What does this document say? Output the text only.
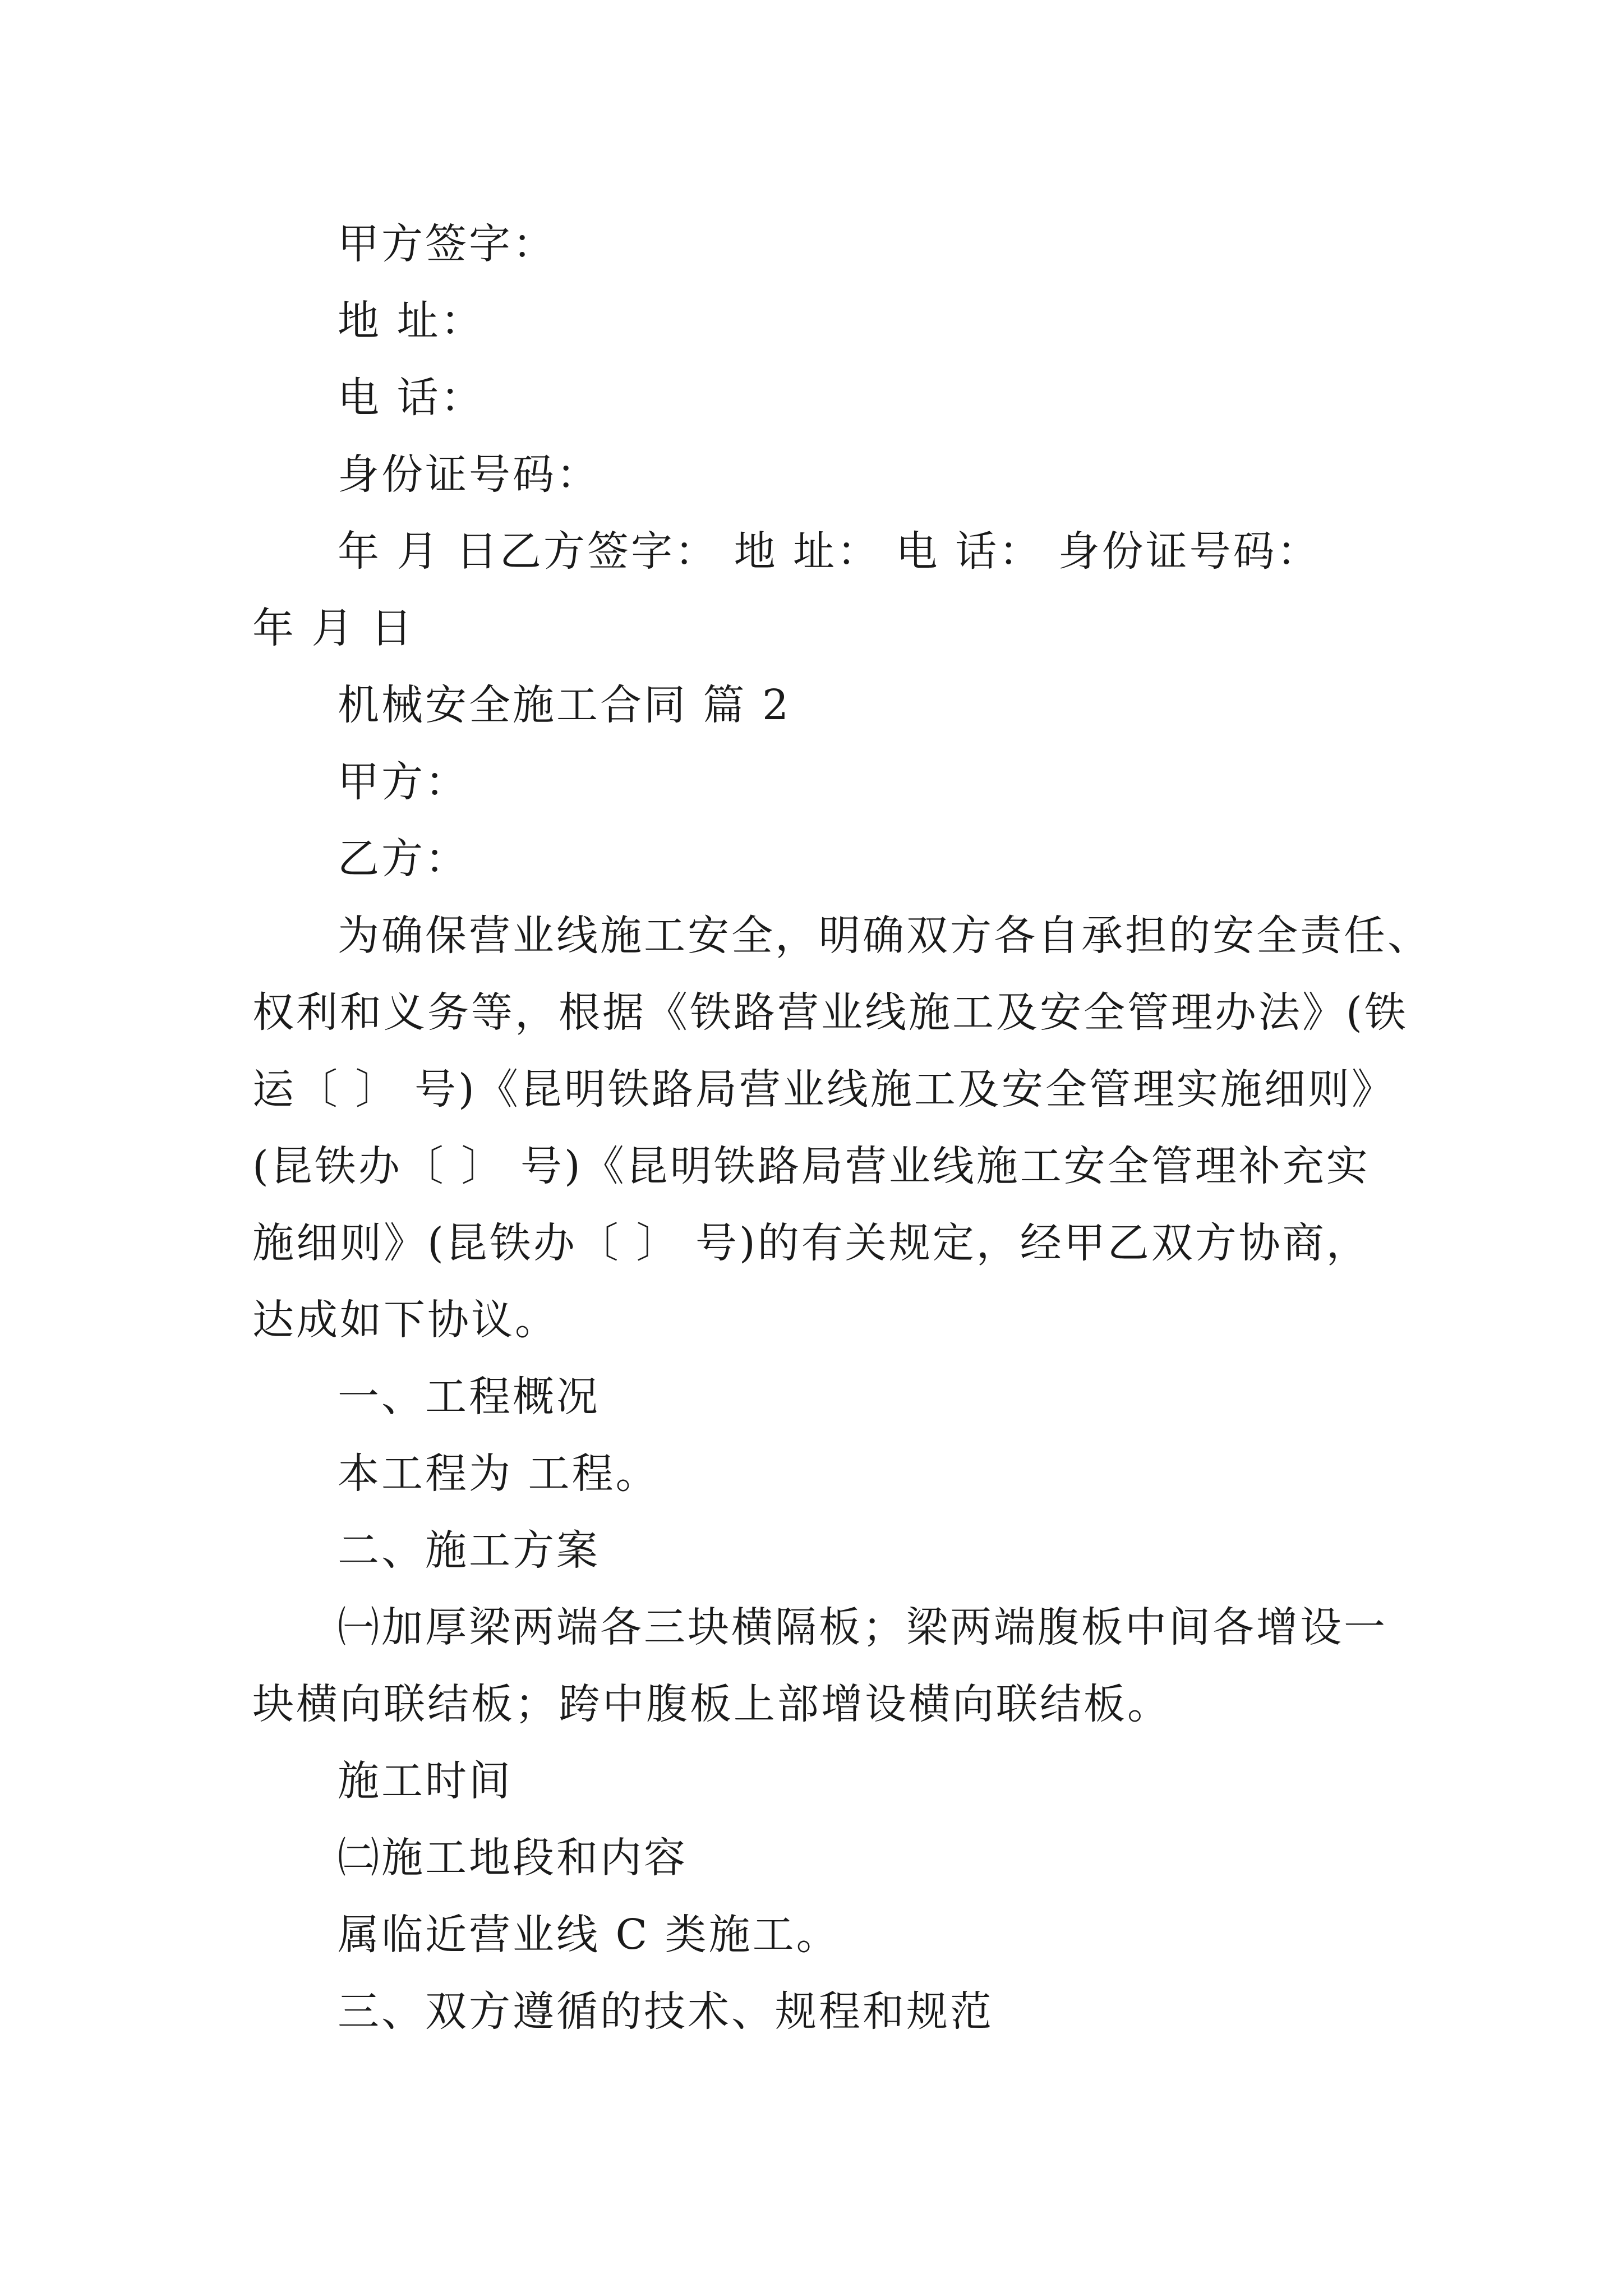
甲方签字：
地 址：
电 话：
身份证号码：
年 月 日乙方签字： 地 址： 电 话： 身份证号码：
年 月 日
机械安全施工合同 篇 2
甲方：
乙方：
为确保营业线施工安全，明确双方各自承担的安全责任、
权利和义务等，根据《铁路营业线施工及安全管理办法》(铁
运〔 〕 号)《昆明铁路局营业线施工及安全管理实施细则》
(昆铁办〔 〕 号)《昆明铁路局营业线施工安全管理补充实
施细则》(昆铁办〔 〕 号)的有关规定，经甲乙双方协商，
达成如下协议。
一、工程概况
本工程为 工程。
二、施工方案
㈠加厚梁两端各三块横隔板；梁两端腹板中间各增设一
块横向联结板；跨中腹板上部增设横向联结板。
施工时间
㈡施工地段和内容
属临近营业线 C 类施工。
三、双方遵循的技术、规程和规范
